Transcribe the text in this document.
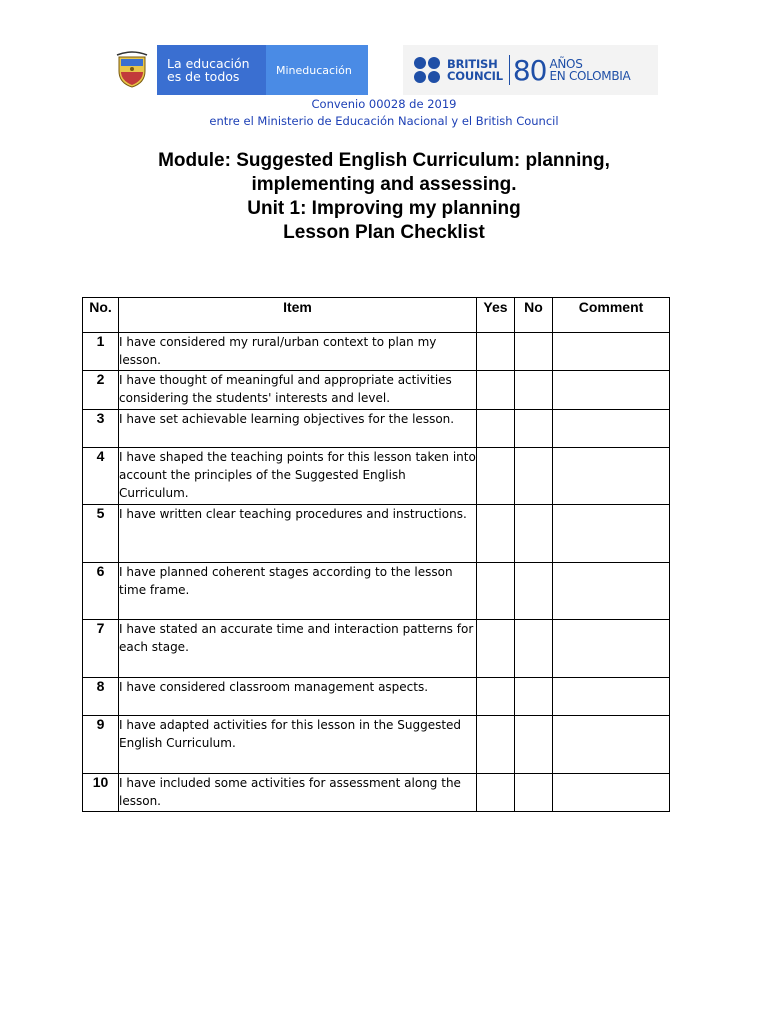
La educación
es de todos	Mineducación	BRITISH
COUNCIL 80 AÑOS
EN COLOMBIA
Convenio 00028 de 2019
entre el Ministerio de Educación Nacional y el British Council
Module: Suggested English Curriculum: planning,
implementing and assessing.
Unit 1: Improving my planning
Lesson Plan Checklist
No.	Item	Yes	No	Comment
1	I have considered my rural/urban context to plan my lesson.			
2	I have thought of meaningful and appropriate activities considering the students' interests and level.			
3	I have set achievable learning objectives for the lesson.			
4	I have shaped the teaching points for this lesson taken into account the principles of the Suggested English Curriculum.			
5	I have written clear teaching procedures and instructions.			
6	I have planned coherent stages according to the lesson time frame.			
7	I have stated an accurate time and interaction patterns for each stage.			
8	I have considered classroom management aspects.			
9	I have adapted activities for this lesson in the Suggested English Curriculum.			
10	I have included some activities for assessment along the lesson.			
